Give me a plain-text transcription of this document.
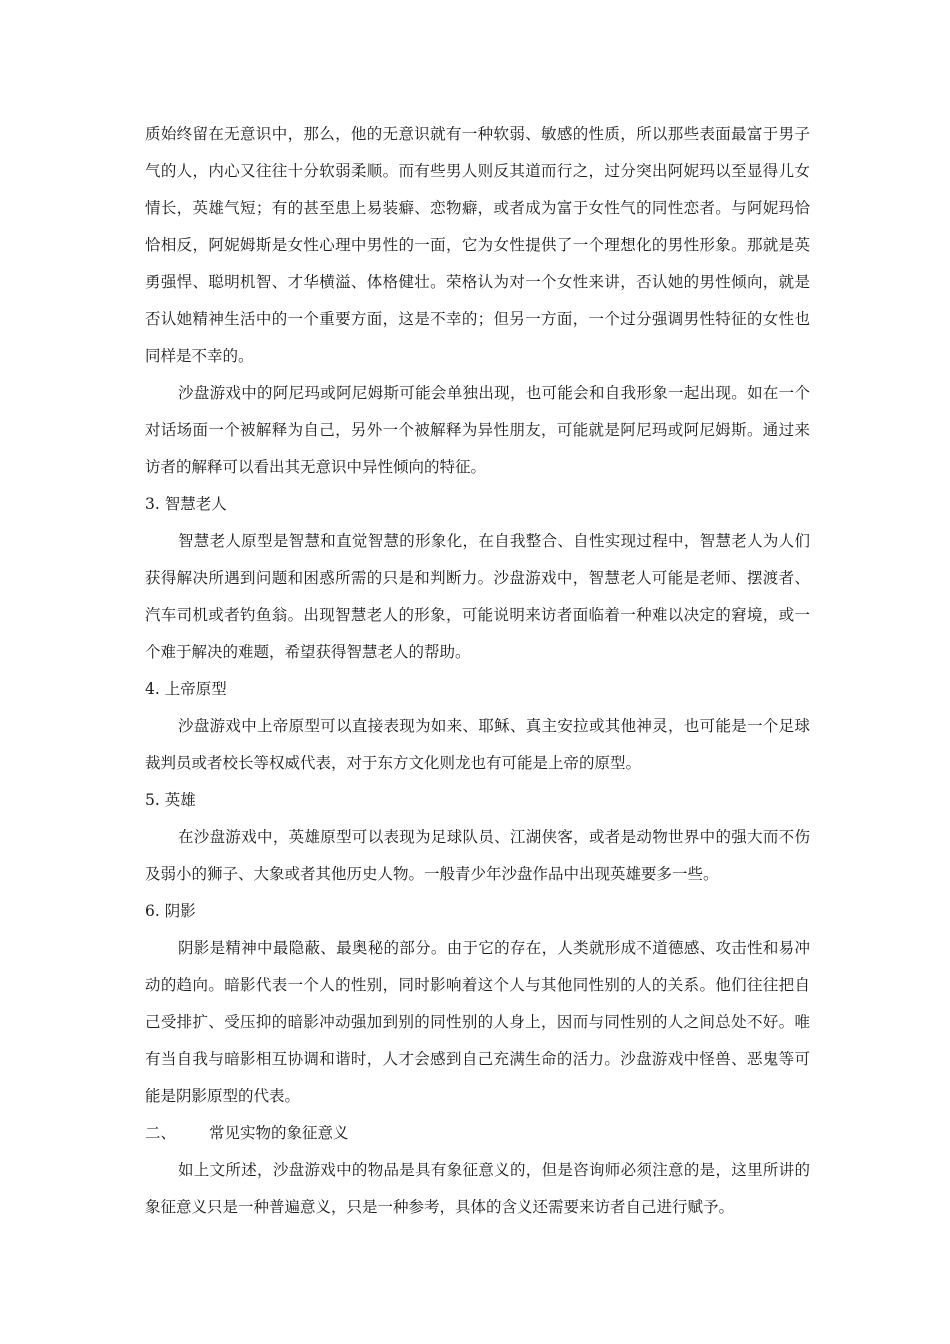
质始终留在无意识中，那么，他的无意识就有一种软弱、敏感的性质，所以那些表面最富于男子气的人，内心又往往十分软弱柔顺。而有些男人则反其道而行之，过分突出阿妮玛以至显得儿女情长，英雄气短；有的甚至患上易装癖、恋物癖，或者成为富于女性气的同性恋者。与阿妮玛恰恰相反，阿妮姆斯是女性心理中男性的一面，它为女性提供了一个理想化的男性形象。那就是英勇强悍、聪明机智、才华横溢、体格健壮。荣格认为对一个女性来讲，否认她的男性倾向，就是否认她精神生活中的一个重要方面，这是不幸的；但另一方面，一个过分强调男性特征的女性也同样是不幸的。

沙盘游戏中的阿尼玛或阿尼姆斯可能会单独出现，也可能会和自我形象一起出现。如在一个对话场面一个被解释为自己，另外一个被解释为异性朋友，可能就是阿尼玛或阿尼姆斯。通过来访者的解释可以看出其无意识中异性倾向的特征。

3. 智慧老人

智慧老人原型是智慧和直觉智慧的形象化，在自我整合、自性实现过程中，智慧老人为人们获得解决所遇到问题和困惑所需的只是和判断力。沙盘游戏中，智慧老人可能是老师、摆渡者、汽车司机或者钓鱼翁。出现智慧老人的形象，可能说明来访者面临着一种难以决定的窘境，或一个难于解决的难题，希望获得智慧老人的帮助。

4. 上帝原型

沙盘游戏中上帝原型可以直接表现为如来、耶稣、真主安拉或其他神灵，也可能是一个足球裁判员或者校长等权威代表，对于东方文化则龙也有可能是上帝的原型。

5. 英雄

在沙盘游戏中，英雄原型可以表现为足球队员、江湖侠客，或者是动物世界中的强大而不伤及弱小的狮子、大象或者其他历史人物。一般青少年沙盘作品中出现英雄要多一些。

6. 阴影

阴影是精神中最隐蔽、最奥秘的部分。由于它的存在，人类就形成不道德感、攻击性和易冲动的趋向。暗影代表一个人的性别，同时影响着这个人与其他同性别的人的关系。他们往往把自己受排扩、受压抑的暗影冲动强加到别的同性别的人身上，因而与同性别的人之间总处不好。唯有当自我与暗影相互协调和谐时，人才会感到自己充满生命的活力。沙盘游戏中怪兽、恶鬼等可能是阴影原型的代表。

二、	常见实物的象征意义

如上文所述，沙盘游戏中的物品是具有象征意义的，但是咨询师必须注意的是，这里所讲的象征意义只是一种普遍意义，只是一种参考，具体的含义还需要来访者自己进行赋予。
